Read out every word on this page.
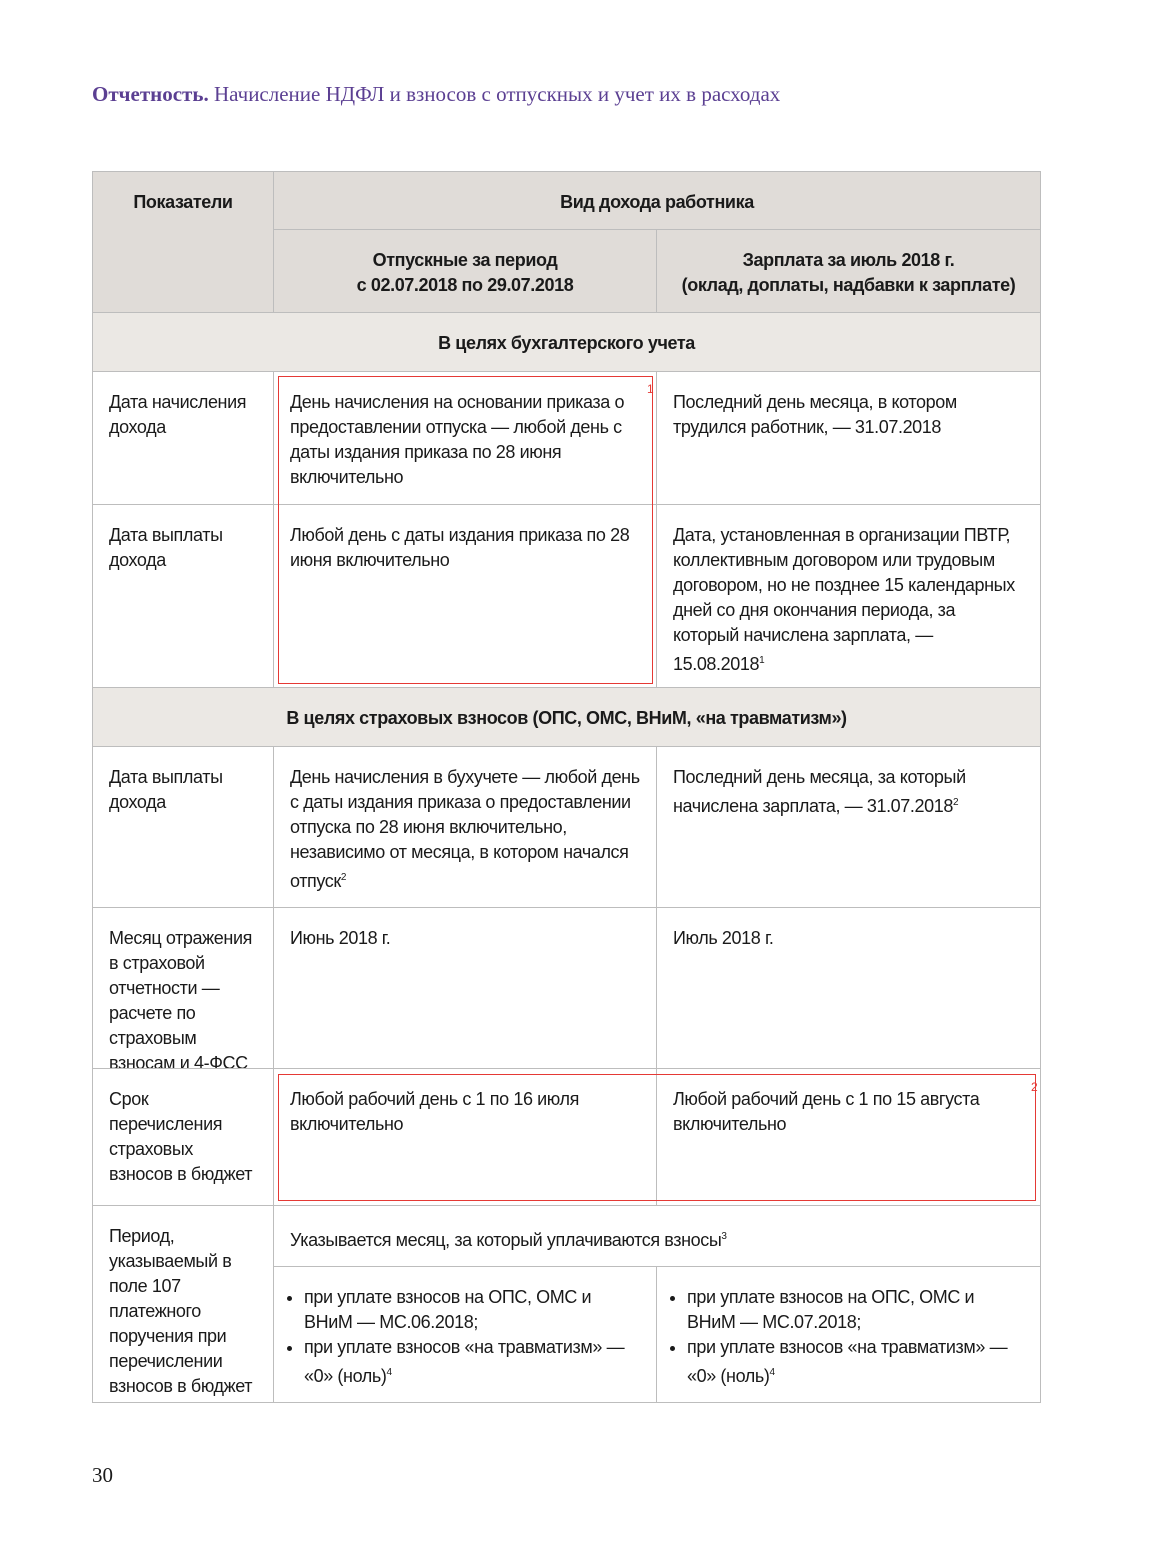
Отчетность. Начисление НДФЛ и взносов с отпускных и учет их в расходах
Показатели	Вид дохода работника
Отпускные за период
с 02.07.2018 по 29.07.2018
Зарплата за июль 2018 г.
(оклад, доплаты, надбавки к зарплате)
В целях бухгалтерского учета
Дата начисления дохода
День начисления на основании приказа о предоставлении отпуска — любой день с даты издания приказа по 28 июня включительно
Последний день месяца, в котором трудился работник, — 31.07.2018
Дата выплаты дохода
Любой день с даты издания приказа по 28 июня включительно
Дата, установленная в организации ПВТР, коллективным договором или трудовым договором, но не позднее 15 календарных дней со дня окончания периода, за который начислена зарплата, — 15.08.2018$^1$
В целях страховых взносов (ОПС, ОМС, ВНиМ, «на травматизм»)
Дата выплаты дохода
День начисления в бухучете — любой день с даты издания приказа о предоставлении отпуска по 28 июня включительно, независимо от месяца, в котором начался отпуск$^2$
Последний день месяца, за который начислена зарплата, — 31.07.2018$^2$
Месяц отражения в страховой отчетности — расчете по страховым взносам и 4-ФСС
Июнь 2018 г.	Июль 2018 г.
Срок перечисления страховых взносов в бюджет
Любой рабочий день с 1 по 16 июля включительно
Любой рабочий день с 1 по 15 августа включительно
Период, указываемый в поле 107 платежного поручения при перечислении взносов в бюджет
Указывается месяц, за который уплачиваются взносы$^3$
• при уплате взносов на ОПС, ОМС и ВНиМ — МС.06.2018;
• при уплате взносов «на травматизм» — «0» (ноль)$^4$
• при уплате взносов на ОПС, ОМС и ВНиМ — МС.07.2018;
• при уплате взносов «на травматизм» — «0» (ноль)$^4$
1
2
30
